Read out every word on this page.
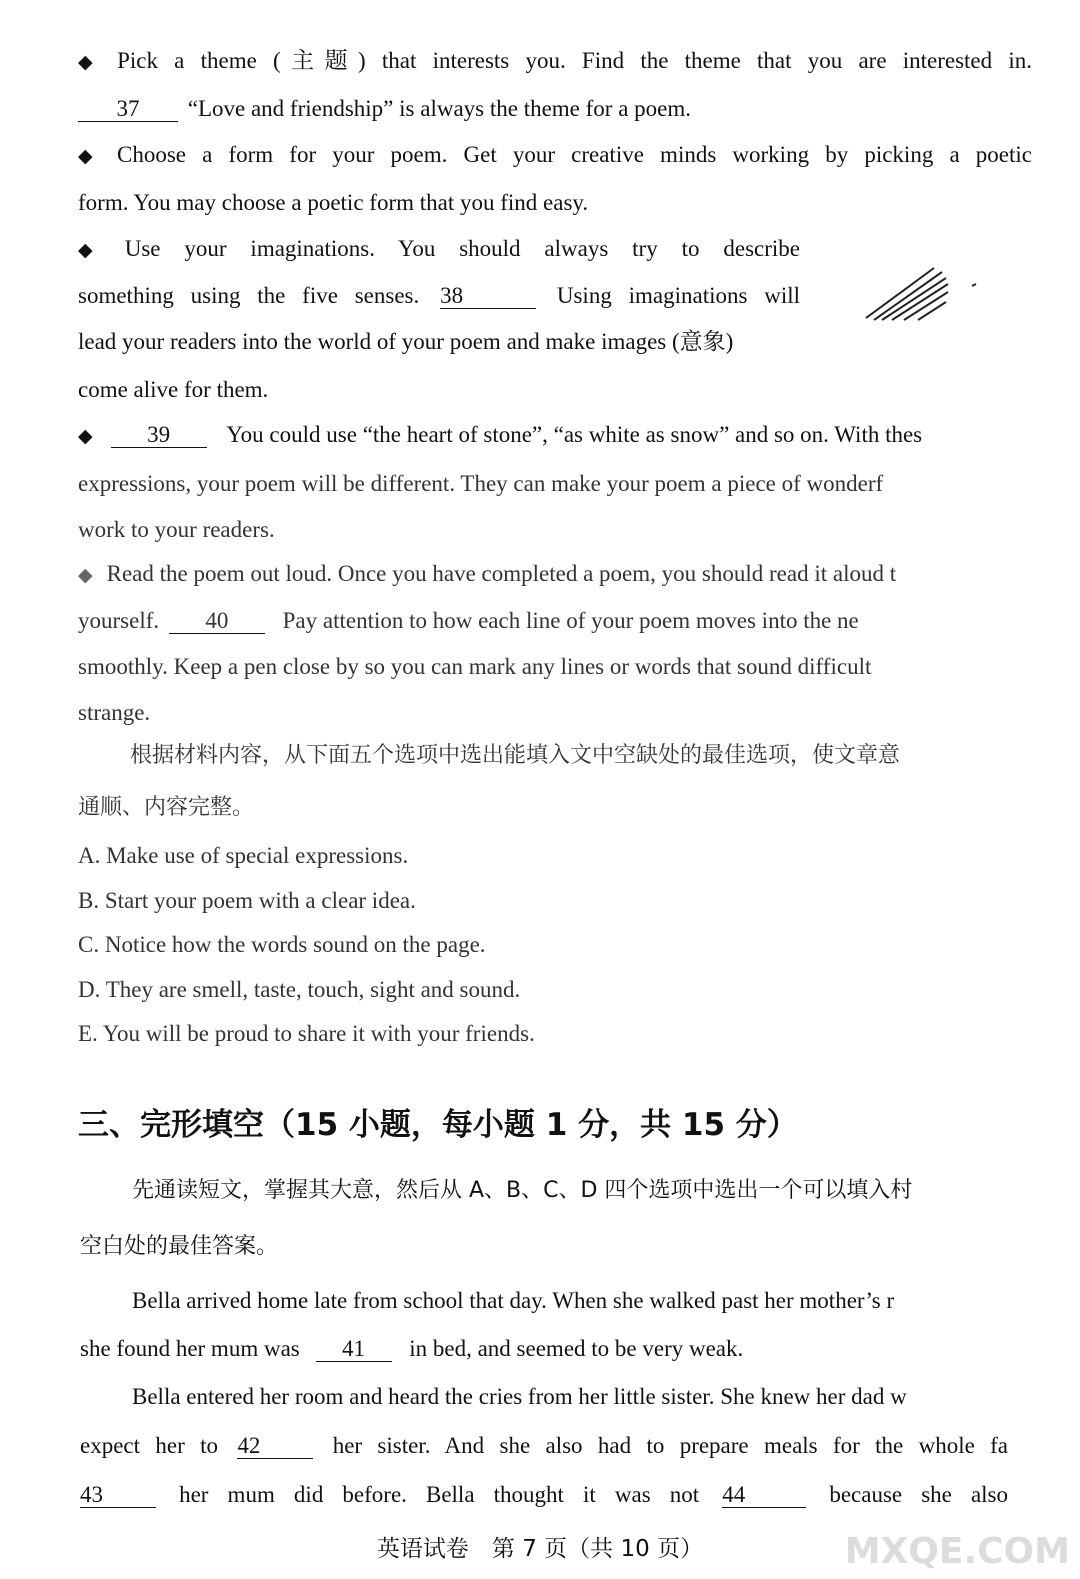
◆ Pick a theme (主题) that interests you. Find the theme that you are interested in.
37 “Love and friendship” is always the theme for a poem.
◆ Choose a form for your poem. Get your creative minds working by picking a poetic
form. You may choose a poetic form that you find easy.
◆ Use your imaginations. You should always try to describe
something using the five senses. 38	Using imaginations will
lead your readers into the world of your poem and make images (意象)
come alive for them.
◆ 39 You could use “the heart of stone”, “as white as snow” and so on. With thes
expressions, your poem will be different. They can make your poem a piece of wonderf
work to your readers.
◆ Read the poem out loud. Once you have completed a poem, you should read it aloud t
yourself. 40 Pay attention to how each line of your poem moves into the ne
smoothly. Keep a pen close by so you can mark any lines or words that sound difficult
strange.
根据材料内容，从下面五个选项中选出能填入文中空缺处的最佳选项，使文章意
通顺、内容完整。
A. Make use of special expressions.
B. Start your poem with a clear idea.
C. Notice how the words sound on the page.
D. They are smell, taste, touch, sight and sound.
E. You will be proud to share it with your friends.
三、完形填空（15 小题，每小题 1 分，共 15 分）
先通读短文，掌握其大意，然后从 A、B、C、D 四个选项中选出一个可以填入村
空白处的最佳答案。
Bella arrived home late from school that day. When she walked past her mother’s r
she found her mum was 41 in bed, and seemed to be very weak.
Bella entered her room and heard the cries from her little sister. She knew her dad w
expect her to 42	her sister. And she also had to prepare meals for the whole fa
43	her mum did before. Bella thought it was not 44	because she also
英语试卷　第 7 页（共 10 页）	MXQE.COM
